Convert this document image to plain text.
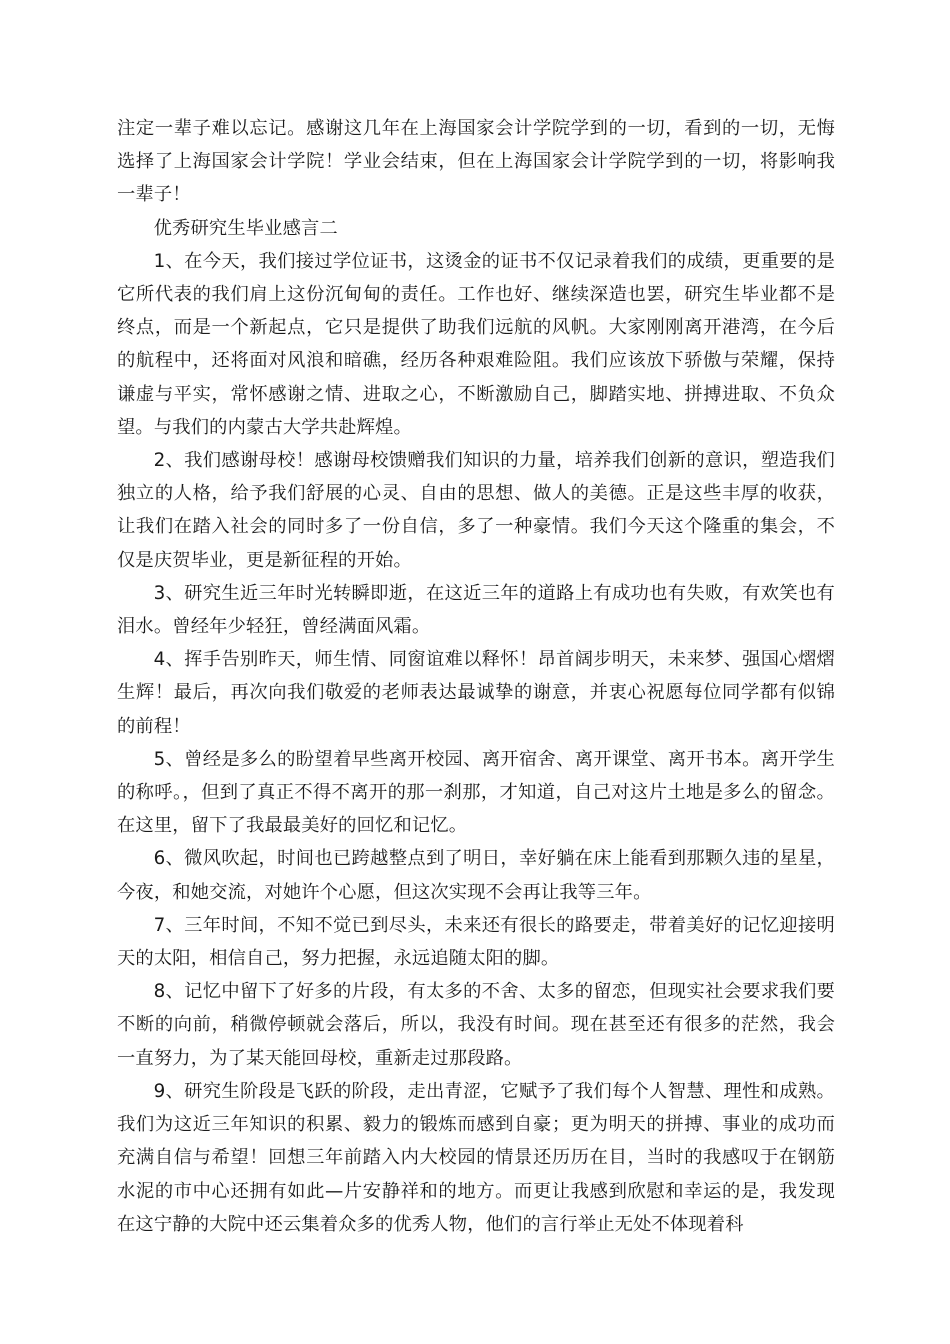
注定一辈子难以忘记。感谢这几年在上海国家会计学院学到的一切，看到的一切，无悔选择了上海国家会计学院！学业会结束，但在上海国家会计学院学到的一切，将影响我一辈子！

优秀研究生毕业感言二

1、在今天，我们接过学位证书，这烫金的证书不仅记录着我们的成绩，更重要的是它所代表的我们肩上这份沉甸甸的责任。工作也好、继续深造也罢，研究生毕业都不是终点，而是一个新起点，它只是提供了助我们远航的风帆。大家刚刚离开港湾，在今后的航程中，还将面对风浪和暗礁，经历各种艰难险阻。我们应该放下骄傲与荣耀，保持谦虚与平实，常怀感谢之情、进取之心，不断激励自己，脚踏实地、拼搏进取、不负众望。与我们的内蒙古大学共赴辉煌。

2、我们感谢母校！感谢母校馈赠我们知识的力量，培养我们创新的意识，塑造我们独立的人格，给予我们舒展的心灵、自由的思想、做人的美德。正是这些丰厚的收获，让我们在踏入社会的同时多了一份自信，多了一种豪情。我们今天这个隆重的集会，不仅是庆贺毕业，更是新征程的开始。

3、研究生近三年时光转瞬即逝，在这近三年的道路上有成功也有失败，有欢笑也有泪水。曾经年少轻狂，曾经满面风霜。

4、挥手告别昨天，师生情、同窗谊难以释怀！昂首阔步明天，未来梦、强国心熠熠生辉！最后，再次向我们敬爱的老师表达最诚挚的谢意，并衷心祝愿每位同学都有似锦的前程！

5、曾经是多么的盼望着早些离开校园、离开宿舍、离开课堂、离开书本。离开学生的称呼。，但到了真正不得不离开的那一刹那，才知道，自己对这片土地是多么的留念。在这里，留下了我最最美好的回忆和记忆。

6、微风吹起，时间也已跨越整点到了明日，幸好躺在床上能看到那颗久违的星星，今夜，和她交流，对她许个心愿，但这次实现不会再让我等三年。

7、三年时间，不知不觉已到尽头，未来还有很长的路要走，带着美好的记忆迎接明天的太阳，相信自己，努力把握，永远追随太阳的脚。

8、记忆中留下了好多的片段，有太多的不舍、太多的留恋，但现实社会要求我们要不断的向前，稍微停顿就会落后，所以，我没有时间。现在甚至还有很多的茫然，我会一直努力，为了某天能回母校，重新走过那段路。

9、研究生阶段是飞跃的阶段，走出青涩，它赋予了我们每个人智慧、理性和成熟。我们为这近三年知识的积累、毅力的锻炼而感到自豪；更为明天的拼搏、事业的成功而充满自信与希望！回想三年前踏入内大校园的情景还历历在目，当时的我感叹于在钢筋水泥的市中心还拥有如此—片安静祥和的地方。而更让我感到欣慰和幸运的是，我发现在这宁静的大院中还云集着众多的优秀人物，他们的言行举止无处不体现着科
